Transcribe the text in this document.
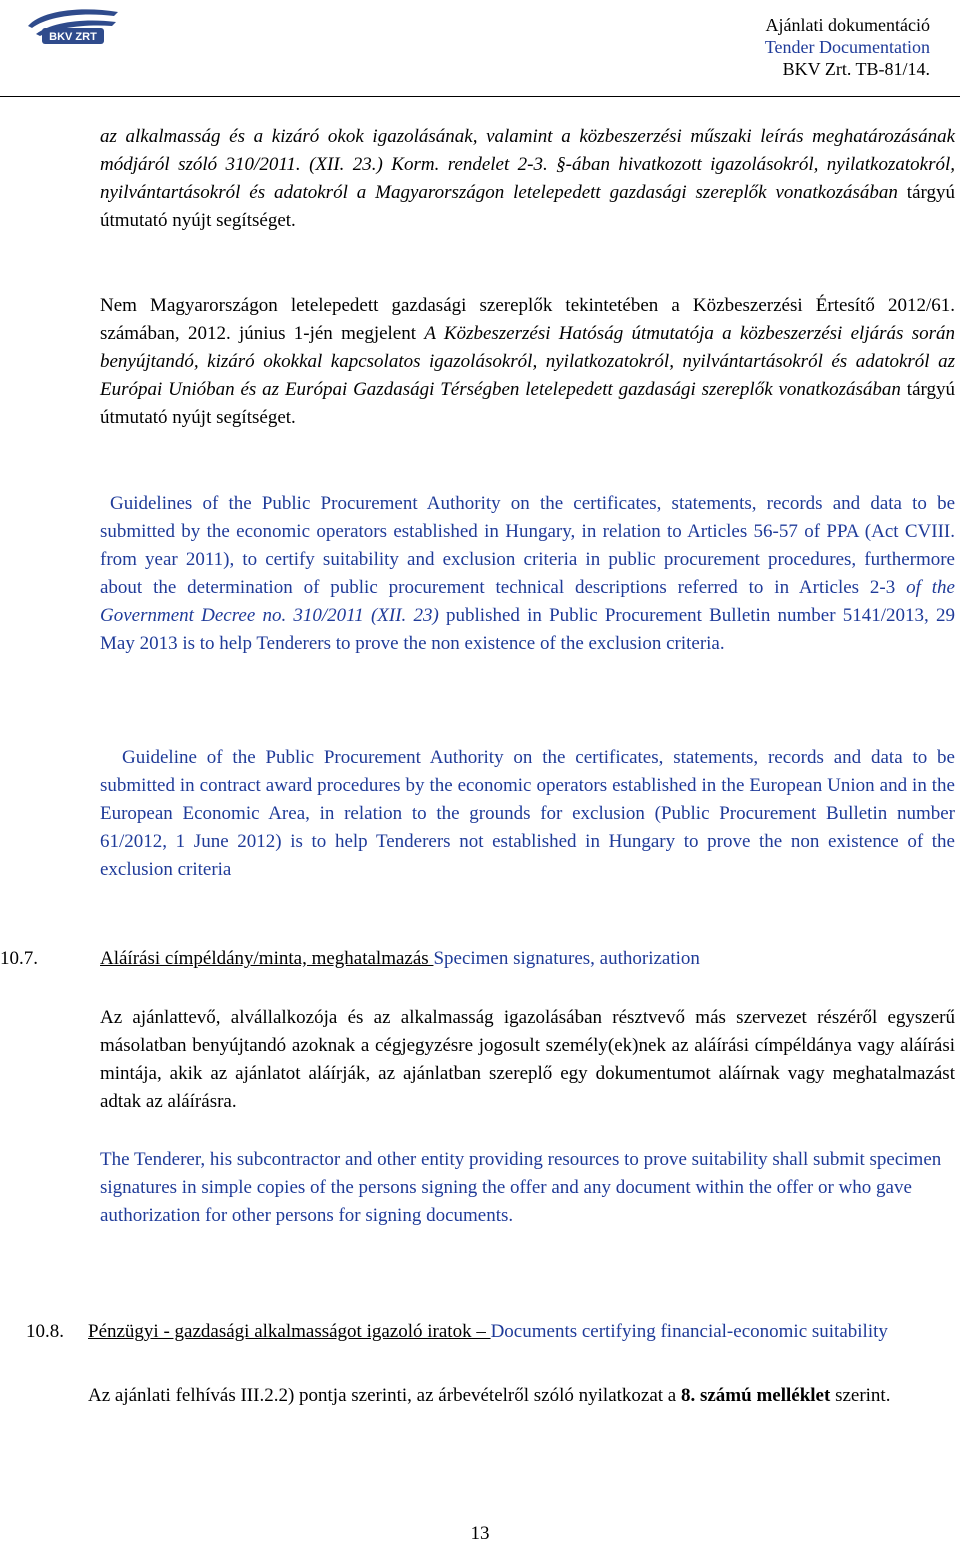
BKV ZRT
Ajánlati dokumentáció
Tender Documentation
BKV Zrt. TB-81/14.

az alkalmasság és a kizáró okok igazolásának, valamint a közbeszerzési műszaki leírás meghatározásának módjáról szóló 310/2011. (XII. 23.) Korm. rendelet 2-3. §-ában hivatkozott igazolásokról, nyilatkozatokról, nyilvántartásokról és adatokról a Magyarországon letelepedett gazdasági szereplők vonatkozásában tárgyú útmutató nyújt segítséget.

Nem Magyarországon letelepedett gazdasági szereplők tekintetében a Közbeszerzési Értesítő 2012/61. számában, 2012. június 1-jén megjelent A Közbeszerzési Hatóság útmutatója a közbeszerzési eljárás során benyújtandó, kizáró okokkal kapcsolatos igazolásokról, nyilatkozatokról, nyilvántartásokról és adatokról az Európai Unióban és az Európai Gazdasági Térségben letelepedett gazdasági szereplők vonatkozásában tárgyú útmutató nyújt segítséget.

Guidelines of the Public Procurement Authority on the certificates, statements, records and data to be submitted by the economic operators established in Hungary, in relation to Articles 56-57 of PPA (Act CVIII. from year 2011), to certify suitability and exclusion criteria in public procurement procedures, furthermore about the determination of public procurement technical descriptions referred to in Articles 2-3 of the Government Decree no. 310/2011 (XII. 23) published in Public Procurement Bulletin number 5141/2013, 29 May 2013 is to help Tenderers to prove the non existence of the exclusion criteria.

Guideline of the Public Procurement Authority on the certificates, statements, records and data to be submitted in contract award procedures by the economic operators established in the European Union and in the European Economic Area, in relation to the grounds for exclusion (Public Procurement Bulletin number 61/2012, 1 June 2012) is to help Tenderers not established in Hungary to prove the non existence of the exclusion criteria

10.7.	Aláírási címpéldány/minta, meghatalmazás Specimen signatures, authorization

Az ajánlattevő, alvállalkozója és az alkalmasság igazolásában résztvevő más szervezet részéről egyszerű másolatban benyújtandó azoknak a cégjegyzésre jogosult személy(ek)nek az aláírási címpéldánya vagy aláírási mintája, akik az ajánlatot aláírják, az ajánlatban szereplő egy dokumentumot aláírnak vagy meghatalmazást adtak az aláírásra.

The Tenderer, his subcontractor and other entity providing resources to prove suitability shall submit specimen signatures in simple copies of the persons signing the offer and any document within the offer or who gave authorization for other persons for signing documents.

10.8. Pénzügyi - gazdasági alkalmasságot igazoló iratok – Documents certifying financial-economic suitability

Az ajánlati felhívás III.2.2) pontja szerinti, az árbevételről szóló nyilatkozat a 8. számú melléklet szerint.

13
